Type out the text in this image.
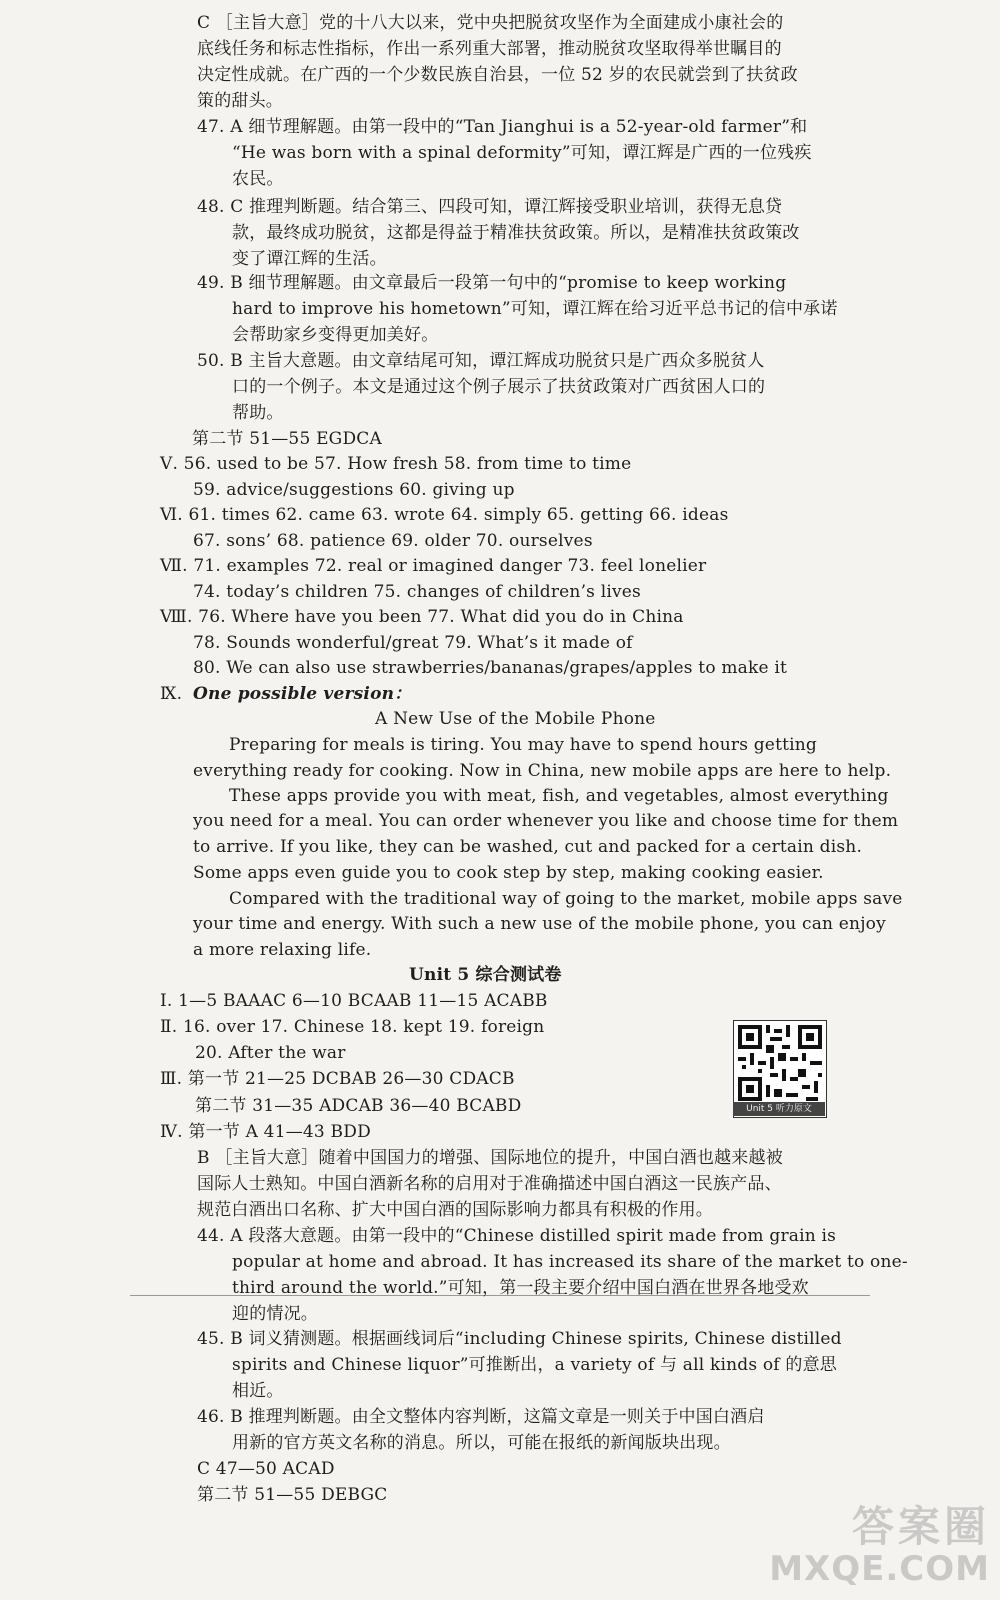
Unit 5 听力原文
答案圈
MXQE.COM
C ［主旨大意］党的十八大以来，党中央把脱贫攻坚作为全面建成小康社会的
底线任务和标志性指标，作出一系列重大部署，推动脱贫攻坚取得举世瞩目的
决定性成就。在广西的一个少数民族自治县，一位 52 岁的农民就尝到了扶贫政
策的甜头。
47. A 细节理解题。由第一段中的“Tan Jianghui is a 52-year-old farmer”和
“He was born with a spinal deformity”可知，谭江辉是广西的一位残疾
农民。
48. C 推理判断题。结合第三、四段可知，谭江辉接受职业培训，获得无息贷
款，最终成功脱贫，这都是得益于精准扶贫政策。所以，是精准扶贫政策改
变了谭江辉的生活。
49. B 细节理解题。由文章最后一段第一句中的“promise to keep working
hard to improve his hometown”可知，谭江辉在给习近平总书记的信中承诺
会帮助家乡变得更加美好。
50. B 主旨大意题。由文章结尾可知，谭江辉成功脱贫只是广西众多脱贫人
口的一个例子。本文是通过这个例子展示了扶贫政策对广西贫困人口的
帮助。
第二节 51—55 EGDCA
Ⅴ. 56. used to be 57. How fresh 58. from time to time
59. advice/suggestions 60. giving up
Ⅵ. 61. times 62. came 63. wrote 64. simply 65. getting 66. ideas
67. sons’ 68. patience 69. older 70. ourselves
Ⅶ. 71. examples 72. real or imagined danger 73. feel lonelier
74. today’s children 75. changes of children’s lives
Ⅷ. 76. Where have you been 77. What did you do in China
78. Sounds wonderful/great 79. What’s it made of
80. We can also use strawberries/bananas/grapes/apples to make it
Ⅸ. One possible version：
A New Use of the Mobile Phone
Preparing for meals is tiring. You may have to spend hours getting
everything ready for cooking. Now in China, new mobile apps are here to help.
These apps provide you with meat, fish, and vegetables, almost everything
you need for a meal. You can order whenever you like and choose time for them
to arrive. If you like, they can be washed, cut and packed for a certain dish.
Some apps even guide you to cook step by step, making cooking easier.
Compared with the traditional way of going to the market, mobile apps save
your time and energy. With such a new use of the mobile phone, you can enjoy
a more relaxing life.
Unit 5 综合测试卷
Ⅰ. 1—5 BAAAC 6—10 BCAAB 11—15 ACABB
Ⅱ. 16. over 17. Chinese 18. kept 19. foreign
20. After the war
Ⅲ. 第一节 21—25 DCBAB 26—30 CDACB
第二节 31—35 ADCAB 36—40 BCABD
Ⅳ. 第一节 A 41—43 BDD
B ［主旨大意］随着中国国力的增强、国际地位的提升，中国白酒也越来越被
国际人士熟知。中国白酒新名称的启用对于准确描述中国白酒这一民族产品、
规范白酒出口名称、扩大中国白酒的国际影响力都具有积极的作用。
44. A 段落大意题。由第一段中的“Chinese distilled spirit made from grain is
popular at home and abroad. It has increased its share of the market to one-
third around the world.”可知，第一段主要介绍中国白酒在世界各地受欢
迎的情况。
45. B 词义猜测题。根据画线词后“including Chinese spirits, Chinese distilled
spirits and Chinese liquor”可推断出，a variety of 与 all kinds of 的意思
相近。
46. B 推理判断题。由全文整体内容判断，这篇文章是一则关于中国白酒启
用新的官方英文名称的消息。所以，可能在报纸的新闻版块出现。
C 47—50 ACAD
第二节 51—55 DEBGC
